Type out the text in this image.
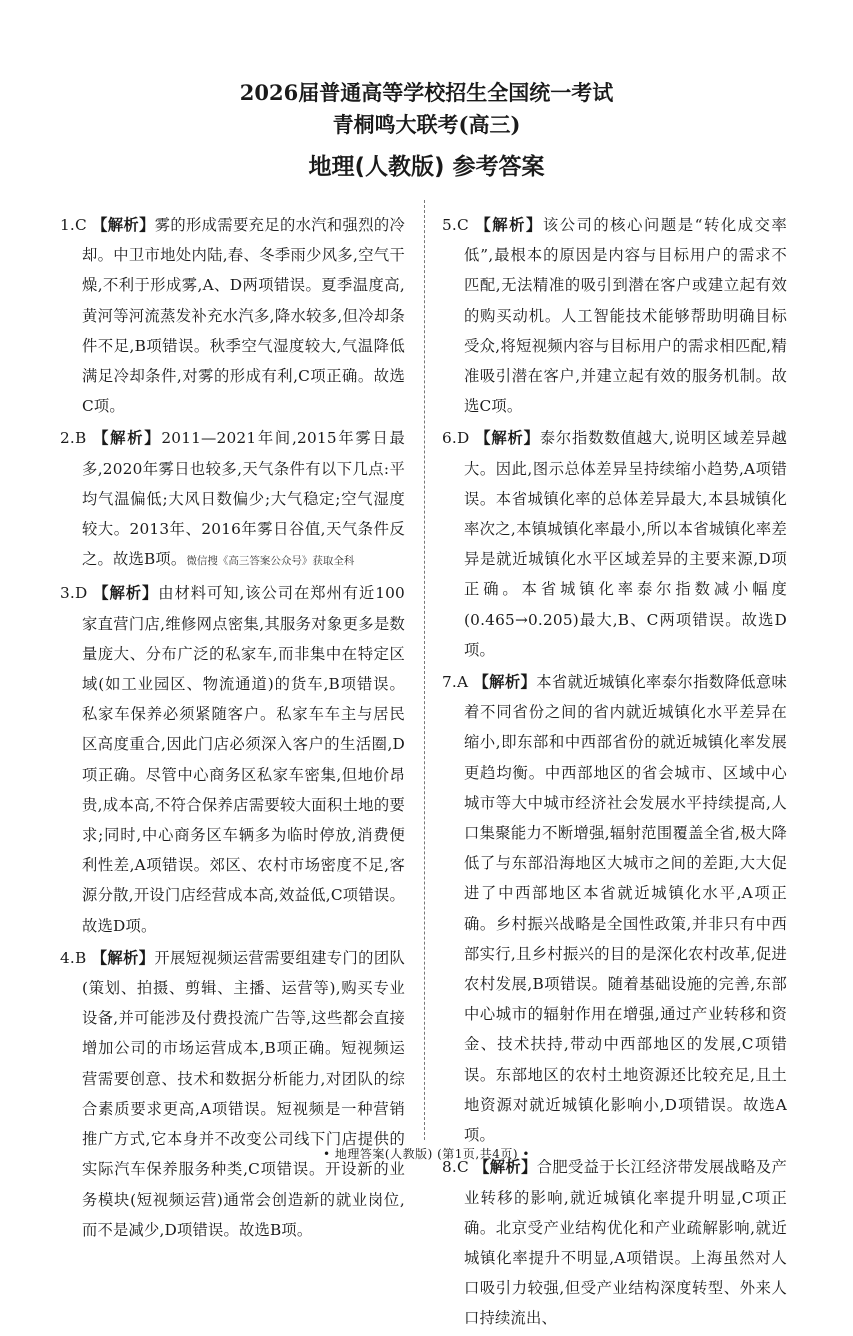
2026届普通高等学校招生全国统一考试
青桐鸣大联考(高三)
地理(人教版) 参考答案

1.C 【解析】雾的形成需要充足的水汽和强烈的冷却。中卫市地处内陆,春、冬季雨少风多,空气干燥,不利于形成雾,A、D两项错误。夏季温度高,黄河等河流蒸发补充水汽多,降水较多,但冷却条件不足,B项错误。秋季空气湿度较大,气温降低满足冷却条件,对雾的形成有利,C项正确。故选C项。

2.B 【解析】2011—2021年间,2015年雾日最多,2020年雾日也较多,天气条件有以下几点:平均气温偏低;大风日数偏少;大气稳定;空气湿度较大。2013年、2016年雾日谷值,天气条件反之。故选B项。微信搜《高三答案公众号》获取全科

3.D 【解析】由材料可知,该公司在郑州有近100家直营门店,维修网点密集,其服务对象更多是数量庞大、分布广泛的私家车,而非集中在特定区域(如工业园区、物流通道)的货车,B项错误。私家车保养必须紧随客户。私家车车主与居民区高度重合,因此门店必须深入客户的生活圈,D项正确。尽管中心商务区私家车密集,但地价昂贵,成本高,不符合保养店需要较大面积土地的要求;同时,中心商务区车辆多为临时停放,消费便利性差,A项错误。郊区、农村市场密度不足,客源分散,开设门店经营成本高,效益低,C项错误。故选D项。

4.B 【解析】开展短视频运营需要组建专门的团队(策划、拍摄、剪辑、主播、运营等),购买专业设备,并可能涉及付费投流广告等,这些都会直接增加公司的市场运营成本,B项正确。短视频运营需要创意、技术和数据分析能力,对团队的综合素质要求更高,A项错误。短视频是一种营销推广方式,它本身并不改变公司线下门店提供的实际汽车保养服务种类,C项错误。开设新的业务模块(短视频运营)通常会创造新的就业岗位,而不是减少,D项错误。故选B项。

5.C 【解析】该公司的核心问题是“转化成交率低”,最根本的原因是内容与目标用户的需求不匹配,无法精准的吸引到潜在客户或建立起有效的购买动机。人工智能技术能够帮助明确目标受众,将短视频内容与目标用户的需求相匹配,精准吸引潜在客户,并建立起有效的服务机制。故选C项。

6.D 【解析】泰尔指数数值越大,说明区域差异越大。因此,图示总体差异呈持续缩小趋势,A项错误。本省城镇化率的总体差异最大,本县城镇化率次之,本镇城镇化率最小,所以本省城镇化率差异是就近城镇化水平区域差异的主要来源,D项正确。本省城镇化率泰尔指数减小幅度(0.465→0.205)最大,B、C两项错误。故选D项。

7.A 【解析】本省就近城镇化率泰尔指数降低意味着不同省份之间的省内就近城镇化水平差异在缩小,即东部和中西部省份的就近城镇化率发展更趋均衡。中西部地区的省会城市、区域中心城市等大中城市经济社会发展水平持续提高,人口集聚能力不断增强,辐射范围覆盖全省,极大降低了与东部沿海地区大城市之间的差距,大大促进了中西部地区本省就近城镇化水平,A项正确。乡村振兴战略是全国性政策,并非只有中西部实行,且乡村振兴的目的是深化农村改革,促进农村发展,B项错误。随着基础设施的完善,东部中心城市的辐射作用在增强,通过产业转移和资金、技术扶持,带动中西部地区的发展,C项错误。东部地区的农村土地资源还比较充足,且土地资源对就近城镇化影响小,D项错误。故选A项。

8.C 【解析】合肥受益于长江经济带发展战略及产业转移的影响,就近城镇化率提升明显,C项正确。北京受产业结构优化和产业疏解影响,就近城镇化率提升不明显,A项错误。上海虽然对人口吸引力较强,但受产业结构深度转型、外来人口持续流出、

• 地理答案(人教版) (第1页,共4页) •
